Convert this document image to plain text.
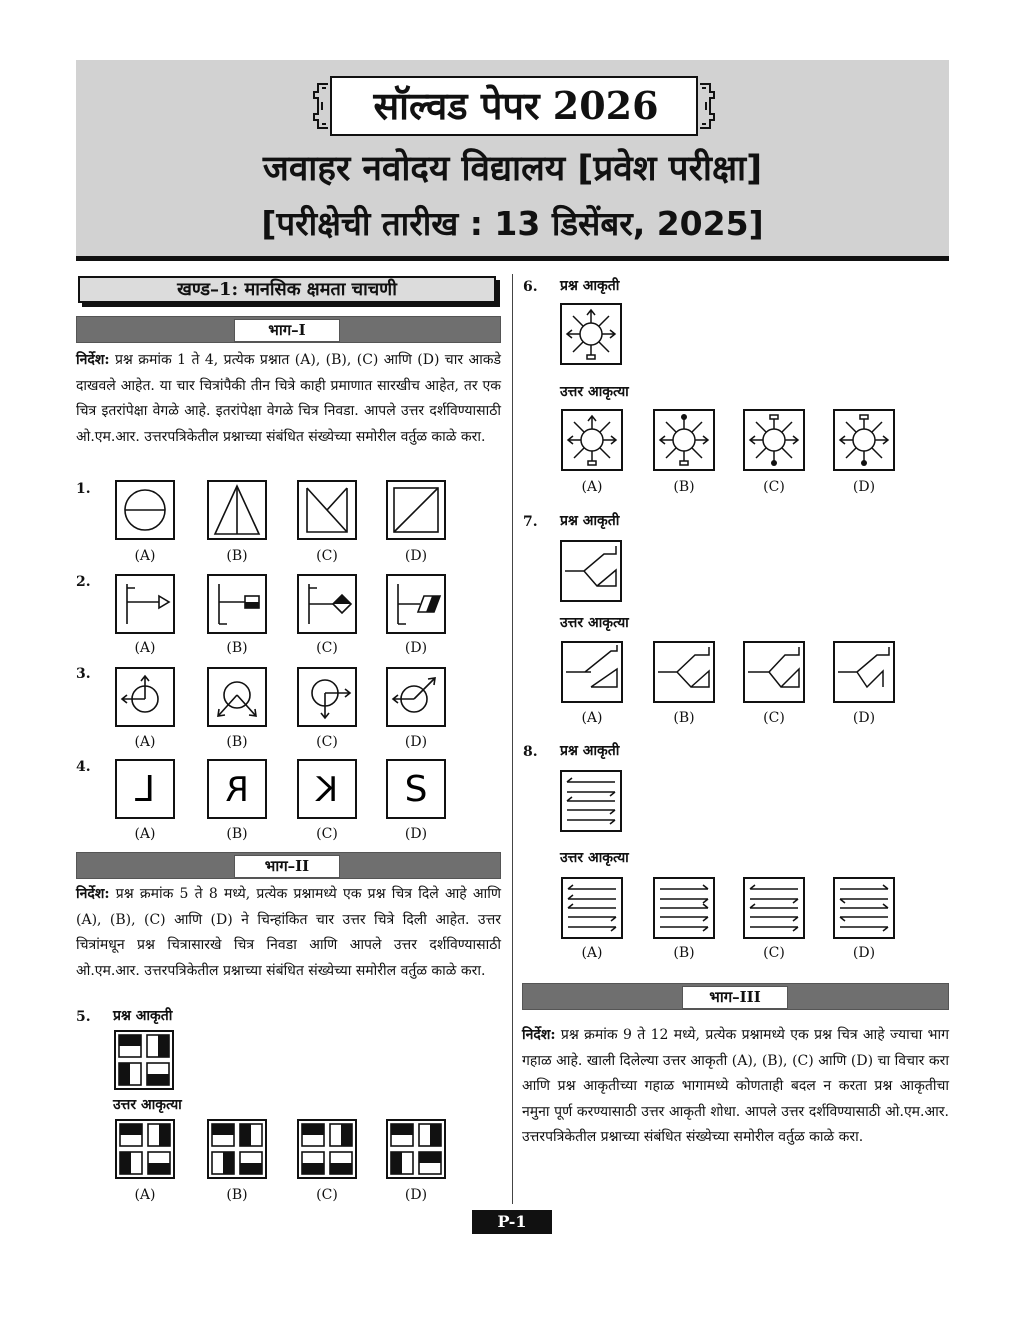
सॉल्वड पेपर 2026
जवाहर नवोदय विद्यालय [प्रवेश परीक्षा]
[परीक्षेची तारीख : 13 डिसेंबर, 2025]
खण्ड–1: मानसिक क्षमता चाचणी
भाग–I
निर्देश: प्रश्न क्रमांक 1 ते 4, प्रत्येक प्रश्नात (A), (B), (C) आणि (D) चार आकडे दाखवले आहेत. या चार चित्रांपैकी तीन चित्रे काही प्रमाणात सारखीच आहेत, तर एक चित्र इतरांपेक्षा वेगळे आहे. इतरांपेक्षा वेगळे चित्र निवडा. आपले उत्तर दर्शविण्यासाठी ओ.एम.आर. उत्तरपत्रिकेतील प्रश्नाच्या संबंधित संख्येच्या समोरील वर्तुळ काळे करा.
1.
(A)	(B)	(C)	(D)
2.
(A)	(B)	(C)	(D)
3.
(A)	(B)	(C)	(D)
4.
L R K S
(A)	(B)	(C)	(D)
भाग–II
निर्देश: प्रश्न क्रमांक 5 ते 8 मध्ये, प्रत्येक प्रश्नामध्ये एक प्रश्न चित्र दिले आहे आणि (A), (B), (C) आणि (D) ने चिन्हांकित चार उत्तर चित्रे दिली आहेत. उत्तर चित्रांमधून प्रश्न चित्रासारखे चित्र निवडा आणि आपले उत्तर दर्शविण्यासाठी ओ.एम.आर. उत्तरपत्रिकेतील प्रश्नाच्या संबंधित संख्येच्या समोरील वर्तुळ काळे करा.
5. प्रश्न आकृती
उत्तर आकृत्या
(A)	(B)	(C)	(D)
6. प्रश्न आकृती
उत्तर आकृत्या
(A)	(B)	(C)	(D)
7. प्रश्न आकृती
उत्तर आकृत्या
(A)	(B)	(C)	(D)
8. प्रश्न आकृती
उत्तर आकृत्या
(A)	(B)	(C)	(D)
भाग–III
निर्देश: प्रश्न क्रमांक 9 ते 12 मध्ये, प्रत्येक प्रश्नामध्ये एक प्रश्न चित्र आहे ज्याचा भाग गहाळ आहे. खाली दिलेल्या उत्तर आकृती (A), (B), (C) आणि (D) चा विचार करा आणि प्रश्न आकृतीच्या गहाळ भागामध्ये कोणताही बदल न करता प्रश्न आकृतीचा नमुना पूर्ण करण्यासाठी उत्तर आकृती शोधा. आपले उत्तर दर्शविण्यासाठी ओ.एम.आर. उत्तरपत्रिकेतील प्रश्नाच्या संबंधित संख्येच्या समोरील वर्तुळ काळे करा.
P-1
